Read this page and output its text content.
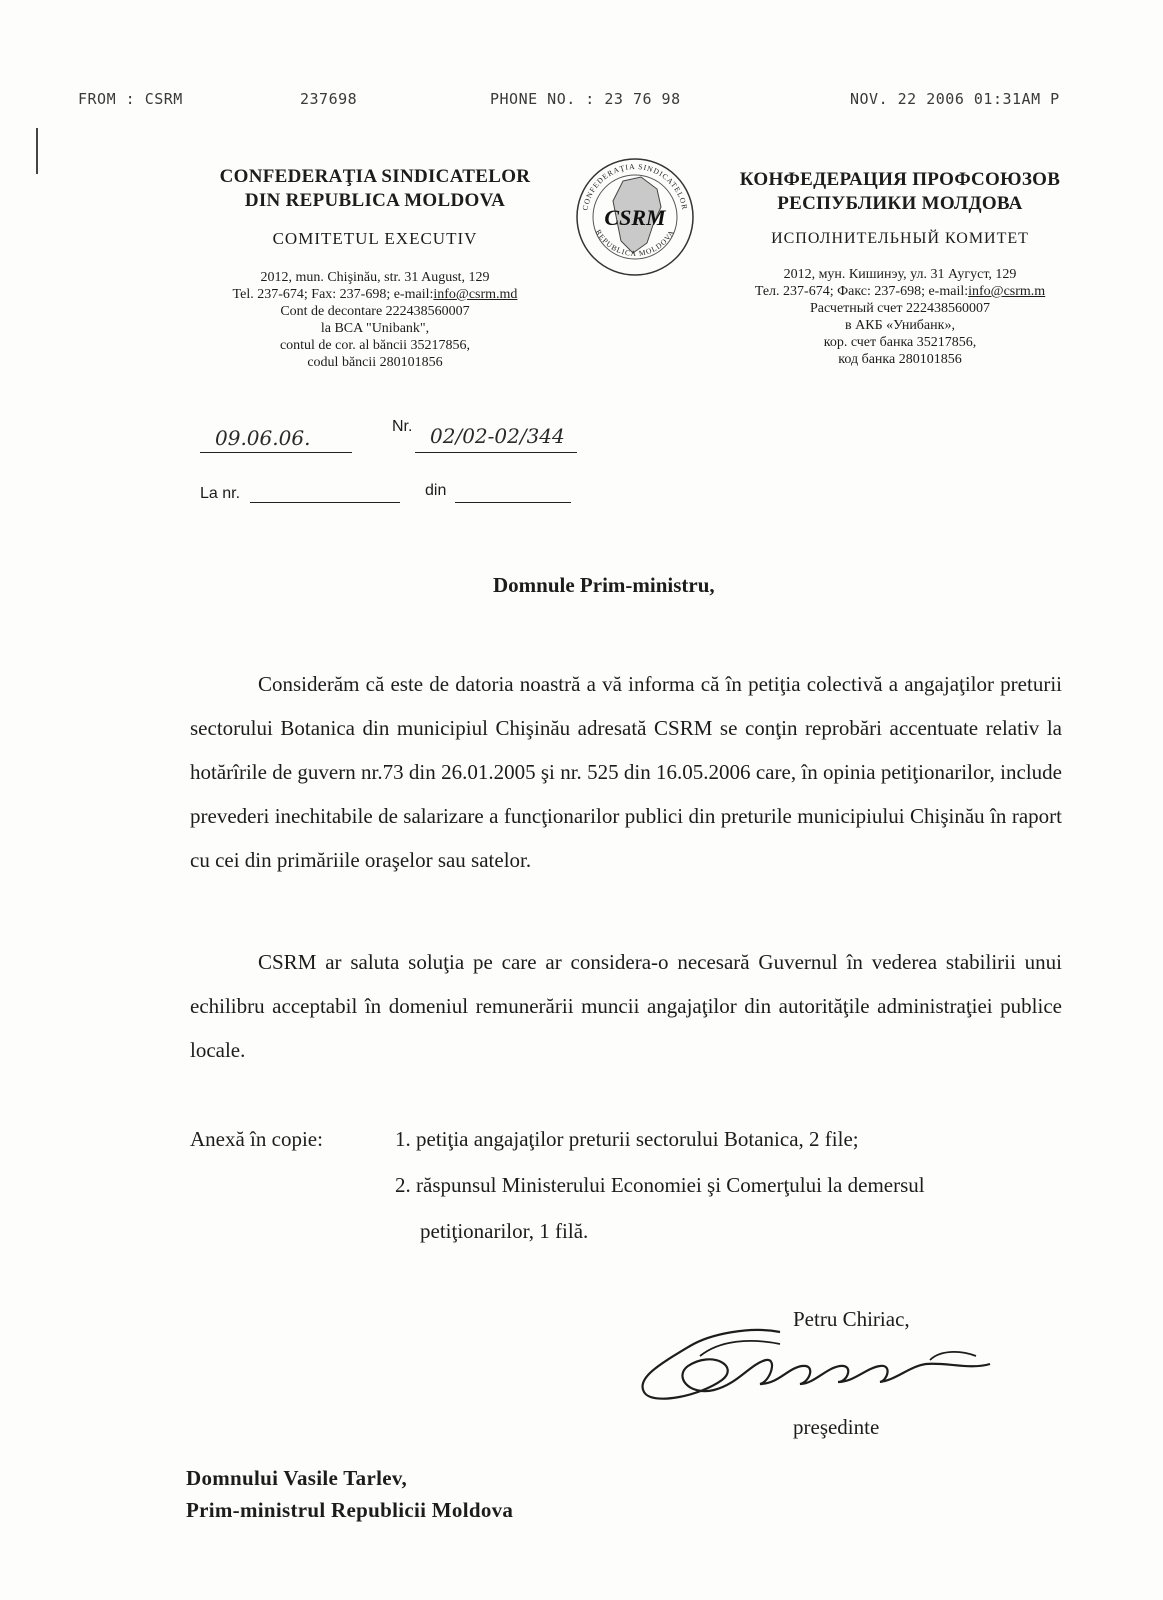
FROM : CSRM	237698	PHONE NO. : 23 76 98	NOV. 22 2006 01:31AM P
CONFEDERAŢIA SINDICATELOR
DIN REPUBLICA MOLDOVA
COMITETUL EXECUTIV
2012, mun. Chişinău, str. 31 August, 129
Tel. 237-674; Fax: 237-698; e-mail:info@csrm.md
Cont de decontare 222438560007
la BCA "Unibank",
contul de cor. al băncii 35217856,
codul băncii 280101856
CONFEDERAŢIA SINDICATELOR
REPUBLICA MOLDOVA
CSRM
КОНФЕДЕРАЦИЯ ПРОФСОЮЗОВ
РЕСПУБЛИКИ МОЛДОВА
ИСПОЛНИТЕЛЬНЫЙ КОМИТЕТ
2012, мун. Кишинэу, ул. 31 Аугуст, 129
Тел. 237-674; Факс: 237-698; e-mail:info@csrm.m
Расчетный счет 222438560007
в АКБ «Унибанк»,
кор. счет банка 35217856,
код банка 280101856
09.06.06.	Nr. 02/02-02/344
La nr.	din
Domnule Prim-ministru,
Considerăm că este de datoria noastră a vă informa că în petiţia colectivă a angajaţilor preturii sectorului Botanica din municipiul Chişinău adresată CSRM se conţin reprobări accentuate relativ la hotărîrile de guvern nr.73 din 26.01.2005 şi nr. 525 din 16.05.2006 care, în opinia petiţionarilor, include prevederi inechitabile de salarizare a funcţionarilor publici din preturile municipiului Chişinău în raport cu cei din primăriile oraşelor sau satelor.
CSRM ar saluta soluţia pe care ar considera-o necesară Guvernul în vederea stabilirii unui echilibru acceptabil în domeniul remunerării muncii angajaţilor din autorităţile administraţiei publice locale.
Anexă în copie:	1. petiţia angajaţilor preturii sectorului Botanica, 2 file;
2. răspunsul Ministerului Economiei şi Comerţului la demersul
petiţionarilor, 1 filă.
Petru Chiriac,
preşedinte
Domnului Vasile Tarlev,
Prim-ministrul Republicii Moldova
